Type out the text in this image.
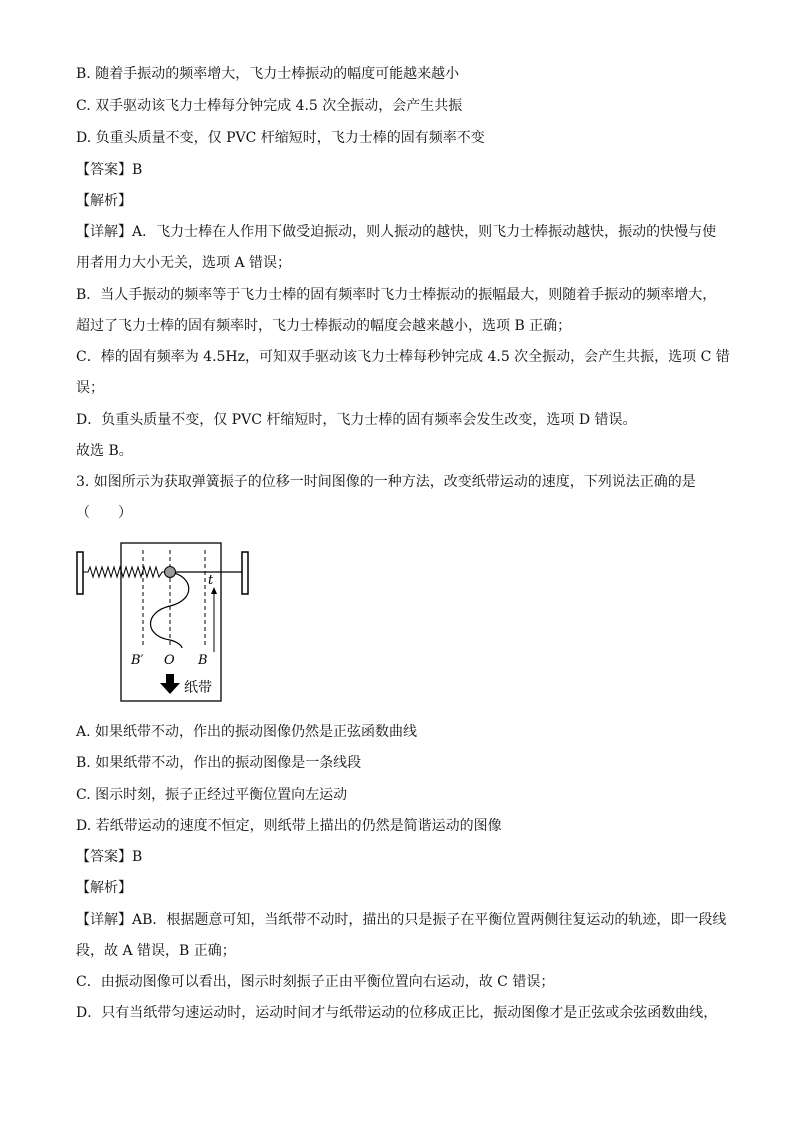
B. 随着手振动的频率增大，飞力士棒振动的幅度可能越来越小
C. 双手驱动该飞力士棒每分钟完成 4.5 次全振动，会产生共振
D. 负重头质量不变，仅 PVC 杆缩短时，飞力士棒的固有频率不变
【答案】B
【解析】
【详解】A．飞力士棒在人作用下做受迫振动，则人振动的越快，则飞力士棒振动越快，振动的快慢与使
用者用力大小无关，选项 A 错误；
B．当人手振动的频率等于飞力士棒的固有频率时飞力士棒振动的振幅最大，则随着手振动的频率增大，
超过了飞力士棒的固有频率时，飞力士棒振动的幅度会越来越小，选项 B 正确；
C．棒的固有频率为 4.5Hz，可知双手驱动该飞力士棒每秒钟完成 4.5 次全振动，会产生共振，选项 C 错
误；
D．负重头质量不变，仅 PVC 杆缩短时，飞力士棒的固有频率会发生改变，选项 D 错误。
故选 B。
3. 如图所示为获取弹簧振子的位移一时间图像的一种方法，改变纸带运动的速度，下列说法正确的是
（　　）
t
B′ O B
纸带
A. 如果纸带不动，作出的振动图像仍然是正弦函数曲线
B. 如果纸带不动，作出的振动图像是一条线段
C. 图示时刻，振子正经过平衡位置向左运动
D. 若纸带运动的速度不恒定，则纸带上描出的仍然是简谐运动的图像
【答案】B
【解析】
【详解】AB．根据题意可知，当纸带不动时，描出的只是振子在平衡位置两侧往复运动的轨迹，即一段线
段，故 A 错误，B 正确；
C．由振动图像可以看出，图示时刻振子正由平衡位置向右运动，故 C 错误；
D．只有当纸带匀速运动时，运动时间才与纸带运动的位移成正比，振动图像才是正弦或余弦函数曲线，
